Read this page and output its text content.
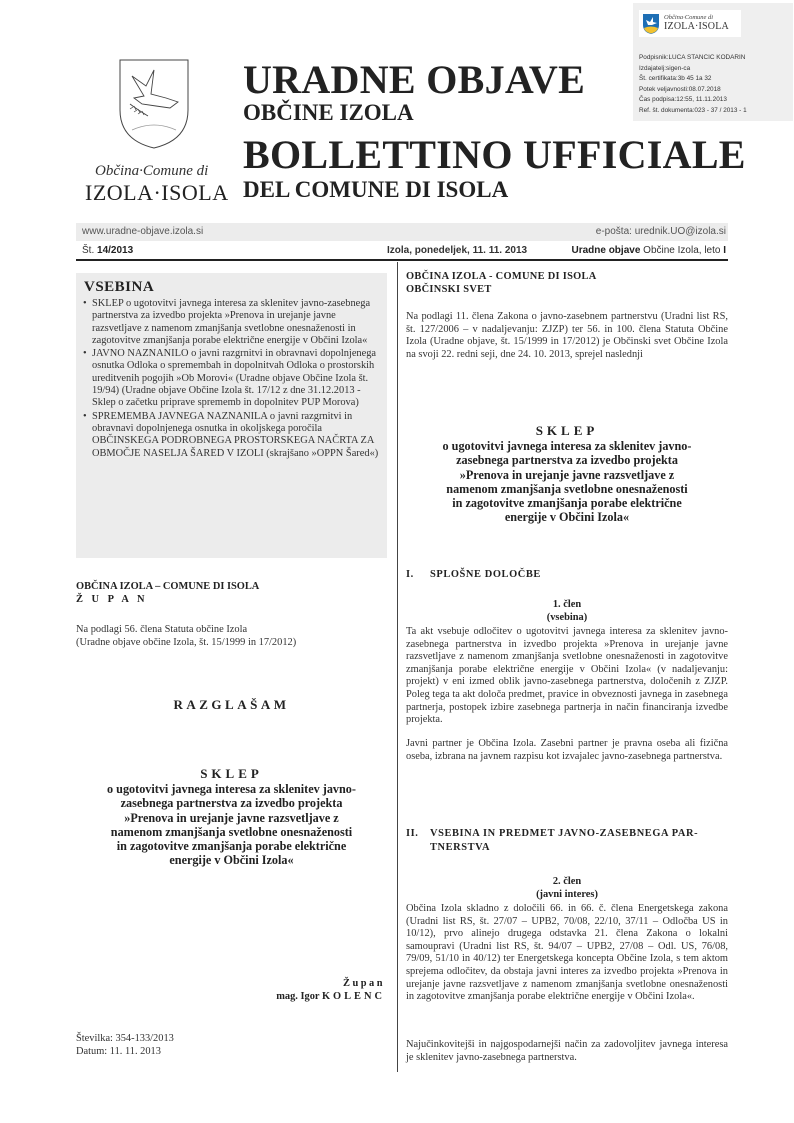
Občina·Comune di
IZOLA·ISOLA
Podpisnik:LUCA STANCIC KODARIN
Izdajatelj:sigen-ca
Št. certifikata:3b 45 1a 32
Potek veljavnosti:08.07.2018
Čas podpisa:12:55, 11.11.2013
Ref. št. dokumenta:023 - 37 / 2013 - 1
Občina·Comune di
IZOLA·ISOLA
URADNE OBJAVE
OBČINE IZOLA
BOLLETTINO UFFICIALE
DEL COMUNE DI ISOLA
www.uradne-objave.izola.si	e-pošta: urednik.UO@izola.si
Št. 14/2013	Izola, ponedeljek, 11. 11. 2013	Uradne objave Občine Izola, leto I
VSEBINA
• SKLEP o ugotovitvi javnega interesa za sklenitev javno-zasebnega partnerstva za izvedbo projekta »Prenova in urejanje javne razsvetljave z namenom zmanjšanja svetlobne onesnaženosti in zagotovitve zmanjšanja porabe električne energije v Občini Izola«
• JAVNO NAZNANILO o javni razgrnitvi in obravnavi dopolnjenega osnutka Odloka o spremembah in dopolnitvah Odloka o prostorskih ureditvenih pogojih »Ob Morovi« (Uradne objave Občine Izola št. 19/94) (Uradne objave Občine Izola št. 17/12 z dne 31.12.2013 - Sklep o začetku priprave sprememb in dopolnitev PUP Morova)
• SPREMEMBA JAVNEGA NAZNANILA o javni razgrnitvi in obravnavi dopolnjenega osnutka in okoljskega poročila OBČINSKEGA PODROBNEGA PROSTORSKEGA NAČRTA ZA OBMOČJE NASELJA ŠARED V IZOLI (skrajšano »OPPN Šared«)
OBČINA IZOLA – COMUNE DI ISOLA
Ž U P A N
Na podlagi 56. člena Statuta občine Izola
(Uradne objave občine Izola, št. 15/1999 in 17/2012)
RAZGLAŠAM
SKLEP
o ugotovitvi javnega interesa za sklenitev javno-
zasebnega partnerstva za izvedbo projekta
»Prenova in urejanje javne razsvetljave z
namenom zmanjšanja svetlobne onesnaženosti
in zagotovitve zmanjšanja porabe električne
energije v Občini Izola«
Župan
mag. Igor KOLENC
Številka: 354-133/2013
Datum: 11. 11. 2013
OBČINA IZOLA - COMUNE DI ISOLA
OBČINSKI SVET

Na podlagi 11. člena Zakona o javno-zasebnem partnerstvu (Uradni list RS, št. 127/2006 – v nadaljevanju: ZJZP) ter 56. in 100. člena Statuta Občine Izola (Uradne objave, št. 15/1999 in 17/2012) je Občinski svet Občine Izola na svoji 22. redni seji, dne 24. 10. 2013, sprejel naslednji

SKLEP
o ugotovitvi javnega interesa za sklenitev javno-
zasebnega partnerstva za izvedbo projekta
»Prenova in urejanje javne razsvetljave z
namenom zmanjšanja svetlobne onesnaženosti
in zagotovitve zmanjšanja porabe električne
energije v Občini Izola«
I. SPLOŠNE DOLOČBE
1. člen
(vsebina)

Ta akt vsebuje odločitev o ugotovitvi javnega interesa za sklenitev javno-zasebnega partnerstva in izvedbo projekta »Prenova in urejanje javne razsvetljave z namenom zmanjšanja svetlobne onesnaženosti in zagotovitve zmanjšanja porabe električne energije v Občini Izola« (v nadaljevanju: projekt) v eni izmed oblik javno-zasebnega partnerstva, določenih z ZJZP. Poleg tega ta akt določa predmet, pravice in obveznosti javnega in zasebnega partnerja, postopek izbire zasebnega partnerja in način financiranja izvedbe projekta.

Javni partner je Občina Izola. Zasebni partner je pravna oseba ali fizična oseba, izbrana na javnem razpisu kot izvajalec javno-zasebnega partnerstva.

II. VSEBINA IN PREDMET JAVNO-ZASEBNEGA PAR-
TNERSTVA
2. člen
(javni interes)

Občina Izola skladno z določili 66. in 66. č. člena Energetskega zakona (Uradni list RS, št. 27/07 – UPB2, 70/08, 22/10, 37/11 – Odločba US in 10/12), prvo alinejo drugega odstavka 21. člena Zakona o lokalni samoupravi (Uradni list RS, št. 94/07 – UPB2, 27/08 – Odl. US, 76/08, 79/09, 51/10 in 40/12) ter Energetskega koncepta Občine Izola, s tem aktom sprejema odločitev, da obstaja javni interes za izvedbo projekta »Prenova in urejanje javne razsvetljave z namenom zmanjšanja svetlobne onesnaženosti in zagotovitve zmanjšanja porabe električne energije v Občini Izola«.

Najučinkovitejši in najgospodarnejši način za zadovoljitev javnega interesa je sklenitev javno-zasebnega partnerstva.
